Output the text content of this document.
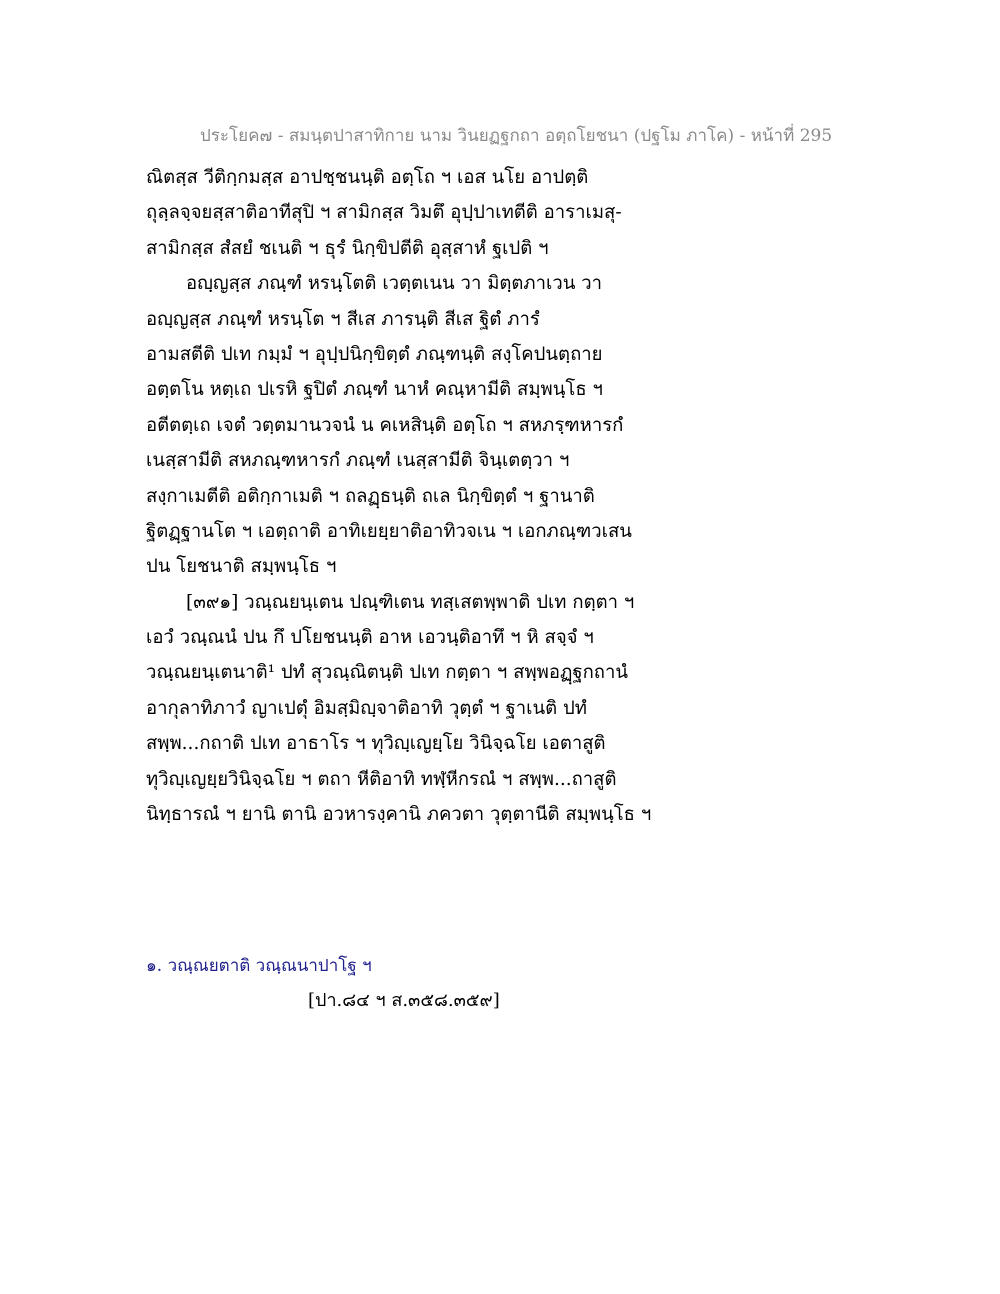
ประโยค๗ - สมนฺตปาสาทิกาย นาม วินยฏฐกถา อตฺถโยชนา (ปฐโม ภาโค) - หน้าที่ 295
ณิตสฺส วีติกฺกมสฺส อาปชฺชนนฺติ อตฺโถ ฯ เอส นโย อาปตฺติ
ถุลฺลจฺจยสฺสาติอาทีสุปิ ฯ สามิกสฺส วิมตึ อุปฺปาเทตีติ อาราเมสุ-
สามิกสฺส สํสยํ ชเนติ ฯ ธุรํ นิกฺขิปตีติ อุสฺสาหํ ฐเปติ ฯ
อญฺญสฺส ภณฺฑํ หรนฺโตติ เวตฺตเนน วา มิตฺตภาเวน วา
อญฺญสฺส ภณฺฑํ หรนฺโต ฯ สีเส ภารนฺติ สีเส ฐิตํ ภารํ
อามสตีติ ปเท กมฺมํ ฯ อุปฺปนิกฺขิตฺตํ ภณฺฑนฺติ สงฺโคปนตฺถาย
อตฺตโน หตฺเถ ปเรหิ ฐปิตํ ภณฺฑํ นาหํ คณฺหามีติ สมฺพนฺโธ ฯ
อตีตตฺเถ เจตํ วตฺตมานวจนํ น คเหสินฺติ อตฺโถ ฯ สหภรฺฑหารกํ
เนสฺสามีติ สหภณฺฑหารกํ ภณฺฑํ เนสฺสามีติ จินฺเตตฺวา ฯ
สงฺกาเมตีติ อติกฺกาเมติ ฯ ถลฏฺธนฺติ ถเล นิกฺขิตฺตํ ฯ ฐานาติ
ฐิตฏฺฐานโต ฯ เอตฺถาติ อาทิเยยฺยาติอาทิวจเน ฯ เอกภณฺฑวเสน
ปน โยชนาติ สมฺพนฺโธ ฯ
[๓๙๑] วณฺณยนฺเตน ปณฺฑิเตน ทสฺเสตพฺพาติ ปเท กตฺตา ฯ
เอวํ วณฺณนํ ปน กึ ปโยชนนฺติ อาห เอวนฺติอาทึ ฯ หิ สจฺจํ ฯ
วณฺณยนฺเตนาติ¹ ปทํ สุวณฺณิตนฺติ ปเท กตฺตา ฯ สพฺพอฏฺฐกถานํ
อากุลาทิภาวํ ญาเปตุํ อิมสฺมิญฺจาติอาทิ วุตฺตํ ฯ ฐาเนติ ปทํ
สพฺพ...กถาติ ปเท อาธาโร ฯ ทุวิญฺเญยฺโย วินิจฺฉโย เอตาสูติ
ทุวิญฺเญยฺยวินิจฺฉโย ฯ ตถา หีติอาทิ ทฬฺหีกรณํ ฯ สพฺพ...ถาสูติ
นิทฺธารณํ ฯ ยานิ ตานิ อวหารงฺคานิ ภควตา วุตฺตานีติ สมฺพนฺโธ ฯ
๑. วณฺณยตาติ วณฺณนาปาโฐ ฯ
[ปา.๘๔ ฯ ส.๓๕๘.๓๕๙]
